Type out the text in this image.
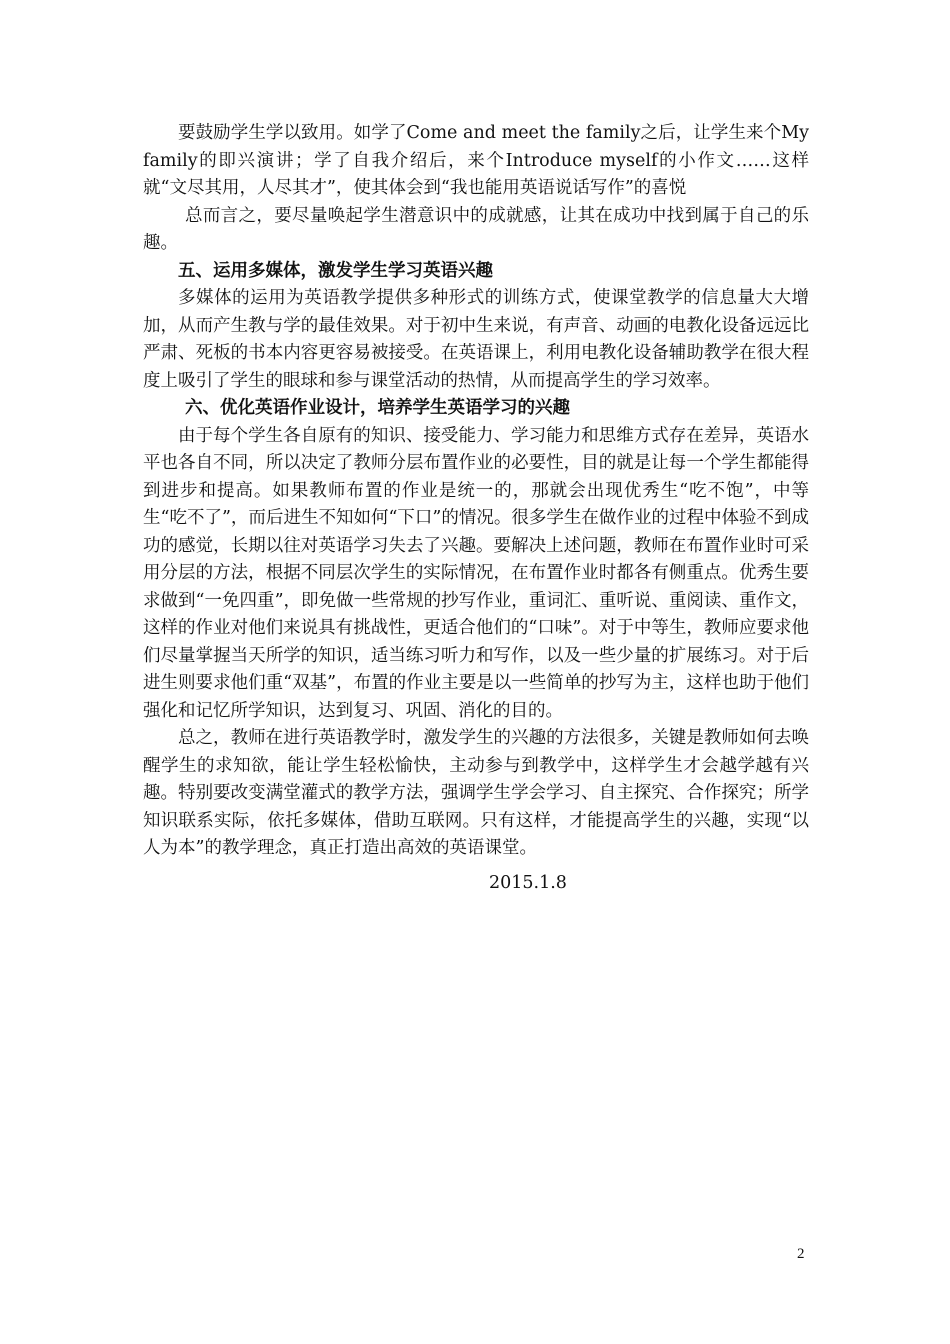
要鼓励学生学以致用。如学了Come and meet the family之后，让学生来个My family的即兴演讲；学了自我介绍后，来个Introduce myself的小作文……这样就“文尽其用，人尽其才”，使其体会到“我也能用英语说话写作”的喜悦

总而言之，要尽量唤起学生潜意识中的成就感，让其在成功中找到属于自己的乐趣。

五、运用多媒体，激发学生学习英语兴趣

多媒体的运用为英语教学提供多种形式的训练方式，使课堂教学的信息量大大增加，从而产生教与学的最佳效果。对于初中生来说，有声音、动画的电教化设备远远比严肃、死板的书本内容更容易被接受。在英语课上，利用电教化设备辅助教学在很大程度上吸引了学生的眼球和参与课堂活动的热情，从而提高学生的学习效率。

六、优化英语作业设计，培养学生英语学习的兴趣

由于每个学生各自原有的知识、接受能力、学习能力和思维方式存在差异，英语水平也各自不同，所以决定了教师分层布置作业的必要性，目的就是让每一个学生都能得到进步和提高。如果教师布置的作业是统一的，那就会出现优秀生“吃不饱”，中等生“吃不了”，而后进生不知如何“下口”的情况。很多学生在做作业的过程中体验不到成功的感觉，长期以往对英语学习失去了兴趣。要解决上述问题，教师在布置作业时可采用分层的方法，根据不同层次学生的实际情况，在布置作业时都各有侧重点。优秀生要求做到“一免四重”，即免做一些常规的抄写作业，重词汇、重听说、重阅读、重作文，这样的作业对他们来说具有挑战性，更适合他们的“口味”。对于中等生，教师应要求他们尽量掌握当天所学的知识，适当练习听力和写作，以及一些少量的扩展练习。对于后进生则要求他们重“双基”，布置的作业主要是以一些简单的抄写为主，这样也助于他们强化和记忆所学知识，达到复习、巩固、消化的目的。

总之，教师在进行英语教学时，激发学生的兴趣的方法很多，关键是教师如何去唤醒学生的求知欲，能让学生轻松愉快，主动参与到教学中，这样学生才会越学越有兴趣。特别要改变满堂灌式的教学方法，强调学生学会学习、自主探究、合作探究；所学知识联系实际，依托多媒体，借助互联网。只有这样，才能提高学生的兴趣，实现“以人为本”的教学理念，真正打造出高效的英语课堂。

2015.1.8
2
